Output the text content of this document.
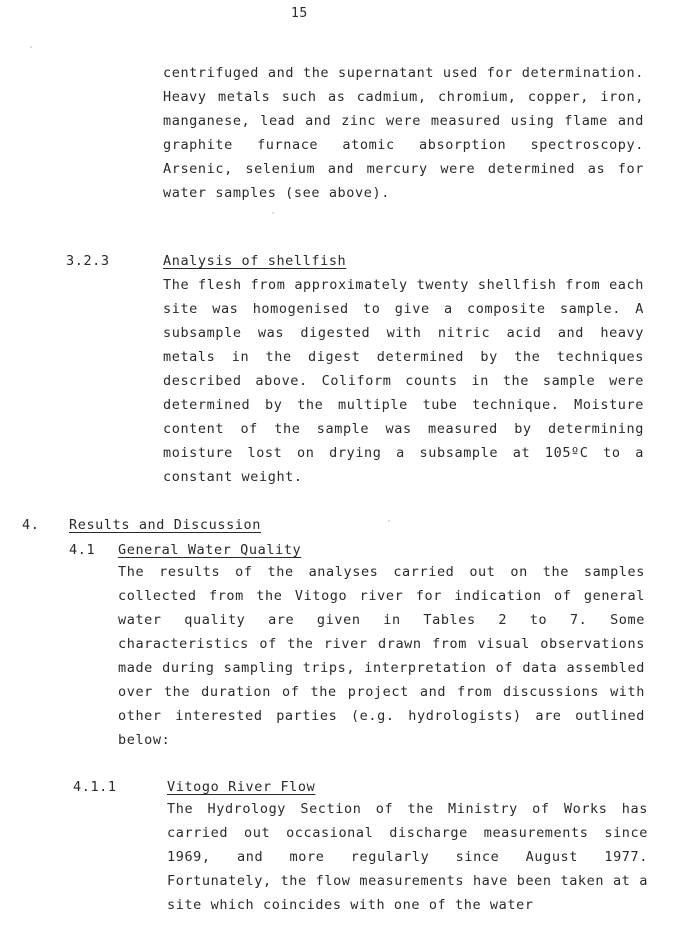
15

centrifuged and the supernatant used for determination. Heavy metals such as cadmium, chromium, copper, iron, manganese, lead and zinc were measured using flame and graphite furnace atomic absorption spectroscopy. Arsenic, selenium and mercury were determined as for water samples (see above).

3.2.3	Analysis of shellfish

The flesh from approximately twenty shellfish from each site was homogenised to give a composite sample. A subsample was digested with nitric acid and heavy metals in the digest determined by the techniques described above. Coliform counts in the sample were determined by the multiple tube technique. Moisture content of the sample was measured by determining moisture lost on drying a subsample at 105ºC to a constant weight.

4. Results and Discussion
4.1 General Water Quality

The results of the analyses carried out on the samples collected from the Vitogo river for indication of general water quality are given in Tables 2 to 7. Some characteristics of the river drawn from visual observations made during sampling trips, interpretation of data assembled over the duration of the project and from discussions with other interested parties (e.g. hydrologists) are outlined below:

4.1.1	Vitogo River Flow

The Hydrology Section of the Ministry of Works has carried out occasional discharge measurements since 1969, and more regularly since August 1977. Fortunately, the flow measurements have been taken at a site which coincides with one of the water
